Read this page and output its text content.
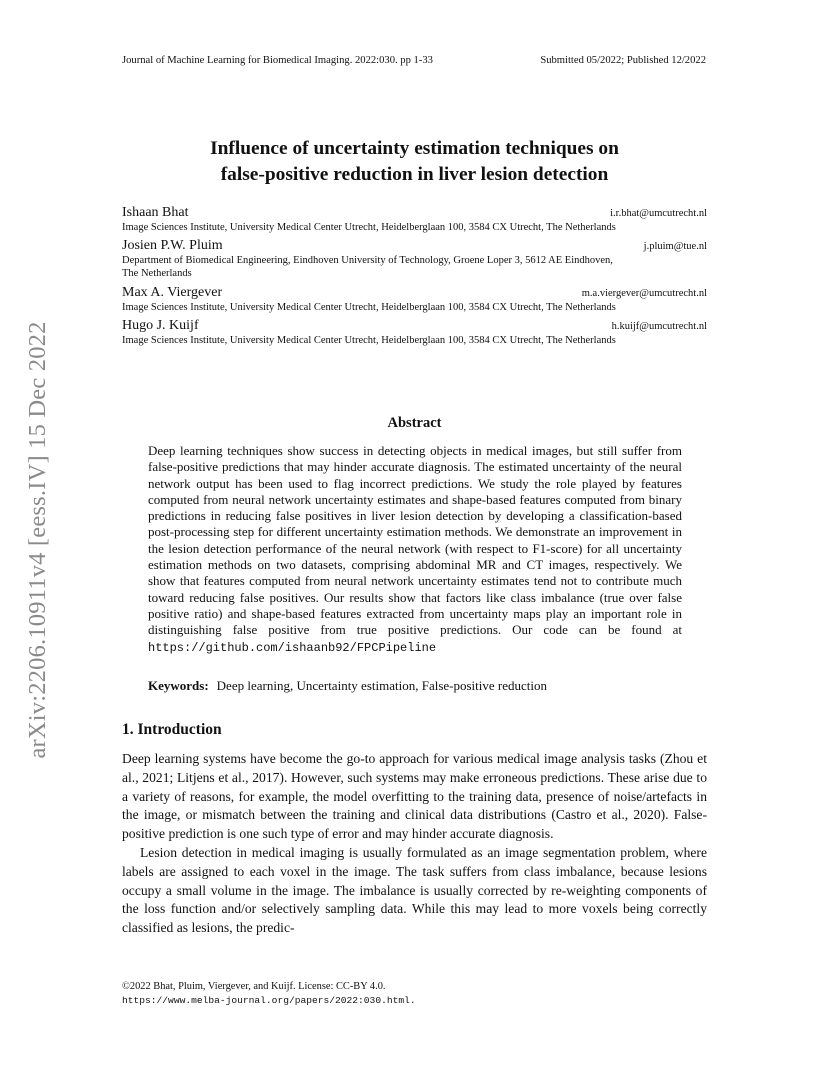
Journal of Machine Learning for Biomedical Imaging. 2022:030. pp 1-33	Submitted 05/2022; Published 12/2022
arXiv:2206.10911v4 [eess.IV] 15 Dec 2022
Influence of uncertainty estimation techniques on
false-positive reduction in liver lesion detection
Ishaan Bhat	i.r.bhat@umcutrecht.nl
Image Sciences Institute, University Medical Center Utrecht, Heidelberglaan 100, 3584 CX Utrecht, The Netherlands
Josien P.W. Pluim	j.pluim@tue.nl
Department of Biomedical Engineering, Eindhoven University of Technology, Groene Loper 3, 5612 AE Eindhoven,
The Netherlands
Max A. Viergever	m.a.viergever@umcutrecht.nl
Image Sciences Institute, University Medical Center Utrecht, Heidelberglaan 100, 3584 CX Utrecht, The Netherlands
Hugo J. Kuijf	h.kuijf@umcutrecht.nl
Image Sciences Institute, University Medical Center Utrecht, Heidelberglaan 100, 3584 CX Utrecht, The Netherlands
Abstract
Deep learning techniques show success in detecting objects in medical images, but still suffer from false-positive predictions that may hinder accurate diagnosis. The estimated uncertainty of the neural network output has been used to flag incorrect predictions. We study the role played by features computed from neural network uncertainty estimates and shape-based features computed from binary predictions in reducing false positives in liver lesion detection by developing a classification-based post-processing step for different uncertainty estimation methods. We demonstrate an improvement in the lesion detection performance of the neural network (with respect to F1-score) for all uncertainty estimation methods on two datasets, comprising abdominal MR and CT images, respectively. We show that features computed from neural network uncertainty estimates tend not to contribute much toward reducing false positives. Our results show that factors like class imbalance (true over false positive ratio) and shape-based features extracted from uncertainty maps play an important role in distinguishing false positive from true positive predictions. Our code can be found at https://github.com/ishaanb92/FPCPipeline
Keywords: Deep learning, Uncertainty estimation, False-positive reduction
1. Introduction

Deep learning systems have become the go-to approach for various medical image analysis tasks (Zhou et al., 2021; Litjens et al., 2017). However, such systems may make erroneous predictions. These arise due to a variety of reasons, for example, the model overfitting to the training data, presence of noise/artefacts in the image, or mismatch between the training and clinical data distributions (Castro et al., 2020). False-positive prediction is one such type of error and may hinder accurate diagnosis.

Lesion detection in medical imaging is usually formulated as an image segmentation problem, where labels are assigned to each voxel in the image. The task suffers from class imbalance, because lesions occupy a small volume in the image. The imbalance is usually corrected by re-weighting components of the loss function and/or selectively sampling data. While this may lead to more voxels being correctly classified as lesions, the predic-

©2022 Bhat, Pluim, Viergever, and Kuijf. License: CC-BY 4.0.
https://www.melba-journal.org/papers/2022:030.html.
